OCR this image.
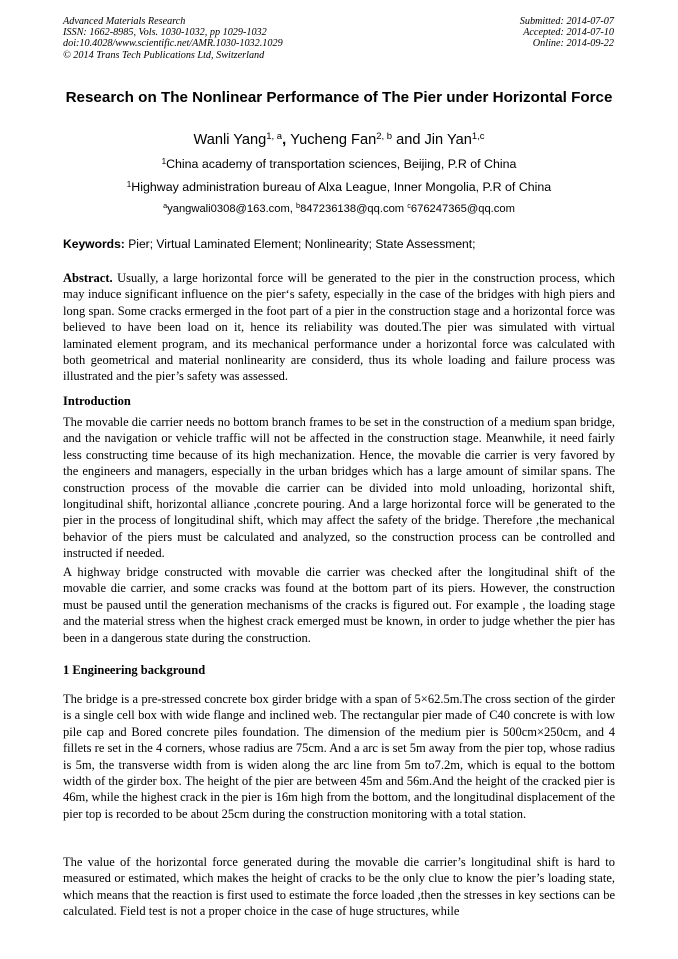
Advanced Materials Research
ISSN: 1662-8985, Vols. 1030-1032, pp 1029-1032
doi:10.4028/www.scientific.net/AMR.1030-1032.1029
© 2014 Trans Tech Publications Ltd, Switzerland
Submitted: 2014-07-07
Accepted: 2014-07-10
Online: 2014-09-22
Research on The Nonlinear Performance of The Pier under Horizontal Force
Wanli Yang$^{1, a}$, Yucheng Fan$^{2, b}$ and Jin Yan$^{1,c}$
$^1$China academy of transportation sciences, Beijing, P.R of China
$^1$Highway administration bureau of Alxa League, Inner Mongolia, P.R of China
$^a$yangwali0308@163.com, $^b$847236138@qq.com $^c$676247365@qq.com
Keywords: Pier; Virtual Laminated Element; Nonlinearity; State Assessment;
Abstract. Usually, a large horizontal force will be generated to the pier in the construction process, which may induce significant influence on the pier‘s safety, especially in the case of the bridges with high piers and long span. Some cracks ermerged in the foot part of a pier in the construction stage and a horizontal force was believed to have been load on it, hence its reliability was douted.The pier was simulated with virtual laminated element program, and its mechanical performance under a horizontal force was calculated with both geometrical and material nonlinearity are considerd, thus its whole loading and failure process was illustrated and the pier’s safety was assessed.
Introduction
The movable die carrier needs no bottom branch frames to be set in the construction of a medium span bridge, and the navigation or vehicle traffic will not be affected in the construction stage. Meanwhile, it need fairly less constructing time because of its high mechanization. Hence, the movable die carrier is very favored by the engineers and managers, especially in the urban bridges which has a large amount of similar spans. The construction process of the movable die carrier can be divided into mold unloading, horizontal shift, longitudinal shift, horizontal alliance ,concrete pouring. And a large horizontal force will be generated to the pier in the process of longitudinal shift, which may affect the safety of the bridge. Therefore ,the mechanical behavior of the piers must be calculated and analyzed, so the construction process can be controlled and instructed if needed.
A highway bridge constructed with movable die carrier was checked after the longitudinal shift of the movable die carrier, and some cracks was found at the bottom part of its piers. However, the construction must be paused until the generation mechanisms of the cracks is figured out. For example , the loading stage and the material stress when the highest crack emerged must be known, in order to judge whether the pier has been in a dangerous state during the construction.
1 Engineering background
The bridge is a pre-stressed concrete box girder bridge with a span of 5×62.5m.The cross section of the girder is a single cell box with wide flange and inclined web. The rectangular pier made of C40 concrete is with low pile cap and Bored concrete piles foundation. The dimension of the medium pier is 500cm×250cm, and 4 fillets re set in the 4 corners, whose radius are 75cm. And a arc is set 5m away from the pier top, whose radius is 5m, the transverse width from is widen along the arc line from 5m to7.2m, which is equal to the bottom width of the girder box. The height of the pier are between 45m and 56m.And the height of the cracked pier is 46m, while the highest crack in the pier is 16m high from the bottom, and the longitudinal displacement of the pier top is recorded to be about 25cm during the construction monitoring with a total station.
The value of the horizontal force generated during the movable die carrier’s longitudinal shift is hard to measured or estimated, which makes the height of cracks to be the only clue to know the pier’s loading state, which means that the reaction is first used to estimate the force loaded ,then the stresses in key sections can be calculated. Field test is not a proper choice in the case of huge structures, while
